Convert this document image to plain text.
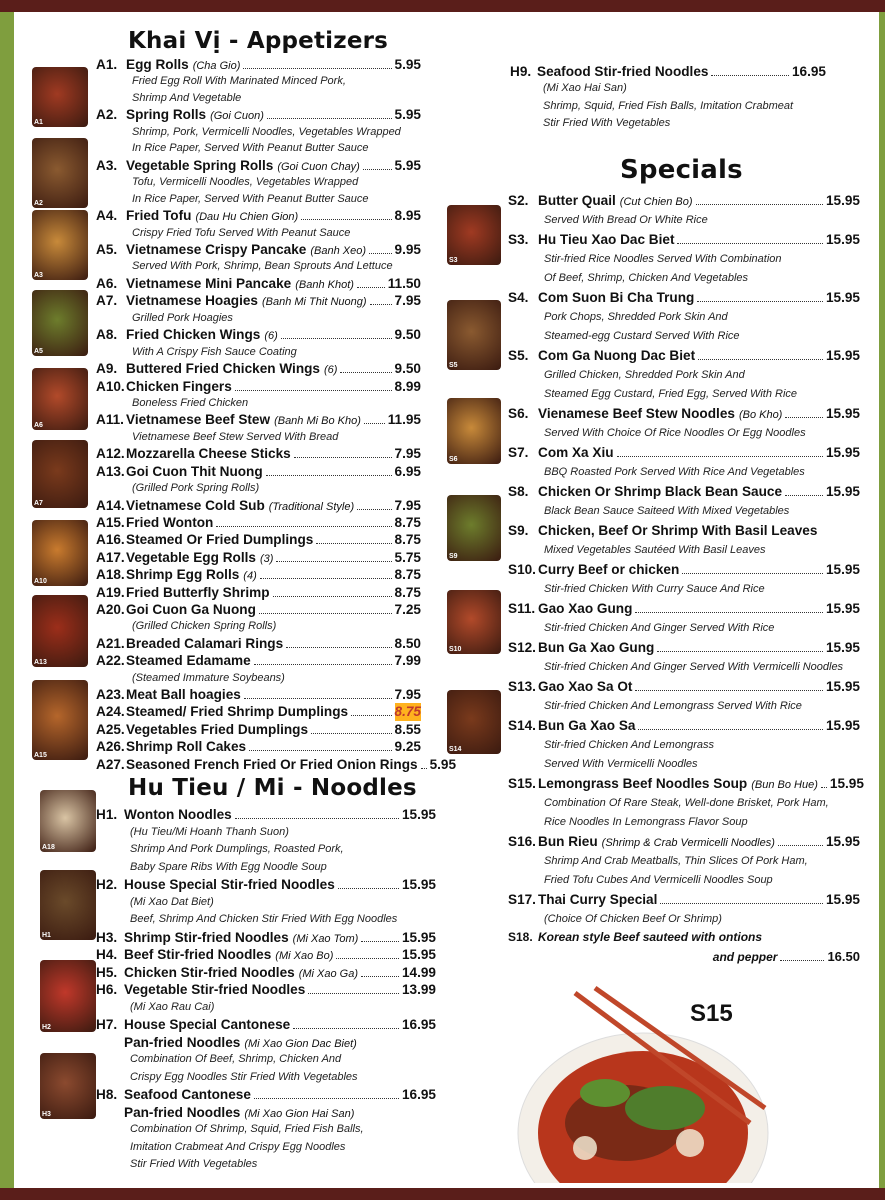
Khai Vị - Appetizers
A1. Egg Rolls (Cha Gio)	5.95
Fried Egg Roll With Marinated Minced Pork,
Shrimp And Vegetable
A2. Spring Rolls (Goi Cuon)	5.95
Shrimp, Pork, Vermicelli Noodles, Vegetables Wrapped
In Rice Paper, Served With Peanut Butter Sauce
A3. Vegetable Spring Rolls (Goi Cuon Chay)	5.95
Tofu, Vermicelli Noodles, Vegetables Wrapped
In Rice Paper, Served With Peanut Butter Sauce
A4. Fried Tofu (Dau Hu Chien Gion)	8.95
Crispy Fried Tofu Served With Peanut Sauce
A5. Vietnamese Crispy Pancake (Banh Xeo) 9.95
Served With Pork, Shrimp, Bean Sprouts And Lettuce
A6. Vietnamese Mini Pancake (Banh Khot) 11.50
A7. Vietnamese Hoagies (Banh Mi Thit Nuong) 7.95
Grilled Pork Hoagies
A8. Fried Chicken Wings (6)	9.50
With A Crispy Fish Sauce Coating
A9. Buttered Fried Chicken Wings (6)	9.50
A10. Chicken Fingers	8.99
Boneless Fried Chicken
A11. Vietnamese Beef Stew (Banh Mi Bo Kho) 11.95
Vietnamese Beef Stew Served With Bread
A12. Mozzarella Cheese Sticks	7.95
A13. Goi Cuon Thit Nuong	6.95
(Grilled Pork Spring Rolls)
A14. Vietnamese Cold Sub (Traditional Style)	7.95
A15. Fried Wonton	8.75
A16. Steamed Or Fried Dumplings	8.75
A17. Vegetable Egg Rolls (3)	5.75
A18. Shrimp Egg Rolls (4)	8.75
A19. Fried Butterfly Shrimp	8.75
A20. Goi Cuon Ga Nuong	7.25
(Grilled Chicken Spring Rolls)
A21. Breaded Calamari Rings	8.50
A22. Steamed Edamame	7.99
(Steamed Immature Soybeans)
A23. Meat Ball hoagies	7.95
A24. Steamed/ Fried Shrimp Dumplings	8.75
A25. Vegetables Fried Dumplings	8.55
A26. Shrimp Roll Cakes	9.25
A27. Seasoned French Fried Or Fried Onion Rings 5.95
Hu Tieu / Mi - Noodles
H1. Wonton Noodles	15.95
(Hu Tieu/Mi Hoanh Thanh Suon)
Shrimp And Pork Dumplings, Roasted Pork,
Baby Spare Ribs With Egg Noodle Soup
H2. House Special Stir-fried Noodles	15.95
(Mi Xao Dat Biet)
Beef, Shrimp And Chicken Stir Fried With Egg Noodles
H3. Shrimp Stir-fried Noodles (Mi Xao Tom)	15.95
H4. Beef Stir-fried Noodles (Mi Xao Bo)	15.95
H5. Chicken Stir-fried Noodles (Mi Xao Ga)	14.99
H6. Vegetable Stir-fried Noodles	13.99
(Mi Xao Rau Cai)
H7. House Special Cantonese	16.95
Pan-fried Noodles (Mi Xao Gion Dac Biet)
Combination Of Beef, Shrimp, Chicken And
Crispy Egg Noodles Stir Fried With Vegetables
H8. Seafood Cantonese	16.95
Pan-fried Noodles (Mi Xao Gion Hai San)
Combination Of Shrimp, Squid, Fried Fish Balls,
Imitation Crabmeat And Crispy Egg Noodles
Stir Fried With Vegetables
H9. Seafood Stir-fried Noodles	16.95
(Mi Xao Hai San)
Shrimp, Squid, Fried Fish Balls, Imitation Crabmeat
Stir Fried With Vegetables
Specials
S2. Butter Quail (Cut Chien Bo)	15.95
Served With Bread Or White Rice
S3. Hu Tieu Xao Dac Biet	15.95
Stir-fried Rice Noodles Served With Combination
Of Beef, Shrimp, Chicken And Vegetables
S4. Com Suon Bi Cha Trung	15.95
Pork Chops, Shredded Pork Skin And
Steamed-egg Custard Served With Rice
S5. Com Ga Nuong Dac Biet	15.95
Grilled Chicken, Shredded Pork Skin And
Steamed Egg Custard, Fried Egg, Served With Rice
S6. Vienamese Beef Stew Noodles (Bo Kho)	15.95
Served With Choice Of Rice Noodles Or Egg Noodles
S7. Com Xa Xiu	15.95
BBQ Roasted Pork Served With Rice And Vegetables
S8. Chicken Or Shrimp Black Bean Sauce	15.95
Black Bean Sauce Saiteed With Mixed Vegetables
S9. Chicken, Beef Or Shrimp With Basil Leaves
Mixed Vegetables Sautéed With Basil Leaves
S10. Curry Beef or chicken	15.95
Stir-fried Chicken With Curry Sauce And Rice
S11. Gao Xao Gung	15.95
Stir-fried Chicken And Ginger Served With Rice
S12. Bun Ga Xao Gung	15.95
Stir-fried Chicken And Ginger Served With Vermicelli Noodles
S13. Gao Xao Sa Ot	15.95
Stir-fried Chicken And Lemongrass Served With Rice
S14. Bun Ga Xao Sa	15.95
Stir-fried Chicken And Lemongrass
Served With Vermicelli Noodles
S15. Lemongrass Beef Noodles Soup (Bun Bo Hue) 15.95
Combination Of Rare Steak, Well-done Brisket, Pork Ham,
Rice Noodles In Lemongrass Flavor Soup
S16. Bun Rieu (Shrimp & Crab Vermicelli Noodles)	15.95
Shrimp And Crab Meatballs, Thin Slices Of Pork Ham,
Fried Tofu Cubes And Vermicelli Noodles Soup
S17. Thai Curry Special	15.95
(Choice Of Chicken Beef Or Shrimp)
S18. Korean style Beef sauteed with ontions
and pepper	16.50
A1
A2
A3
A5
A6
A7
A10
A13
A15
A18
H1
H2
H3
S3
S5
S6
S9
S10
S14
S15
